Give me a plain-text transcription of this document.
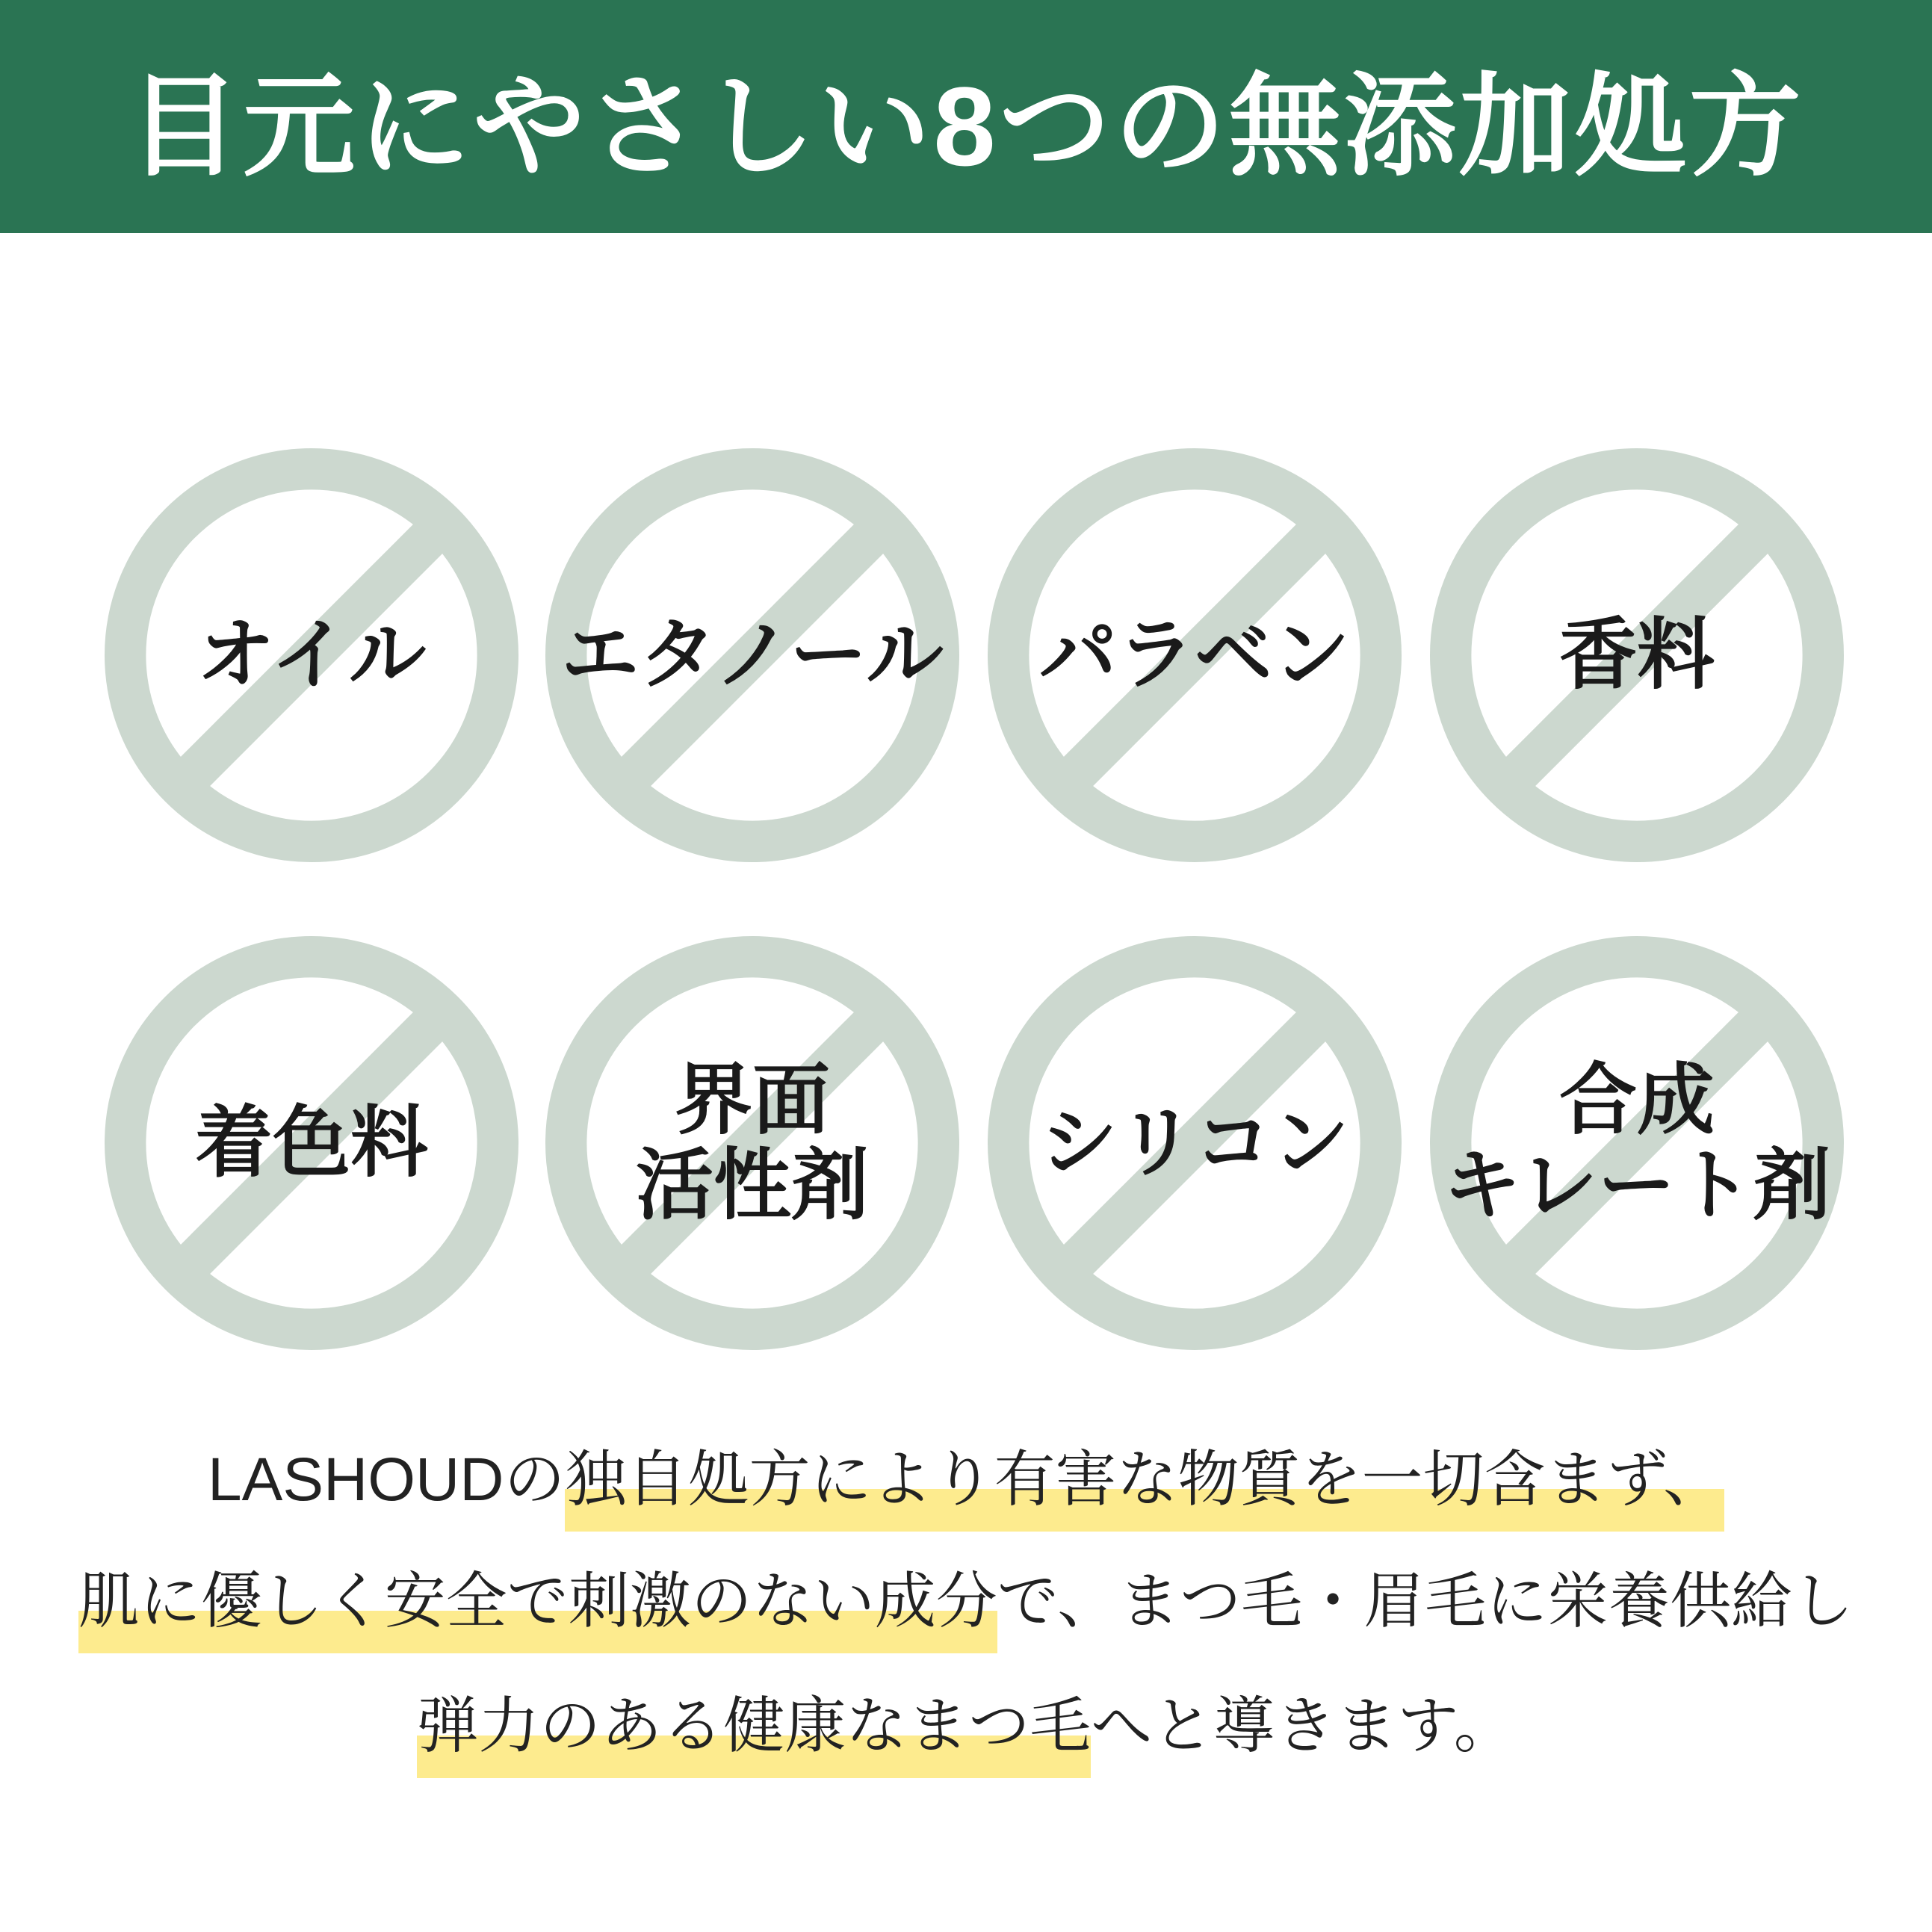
目元にやさしい8つの無添加処方
オイル エタノール パラベン	香料
着色料	界面
活性剤 シリコン	合成
キレート剤
LASHOUDの独自処方により有害な物質を一切含まず、
肌に優しく安全で刺激のない成分で、まつ毛・眉毛に栄養供給し
弾力のある健康なまつ毛へと導きます。
